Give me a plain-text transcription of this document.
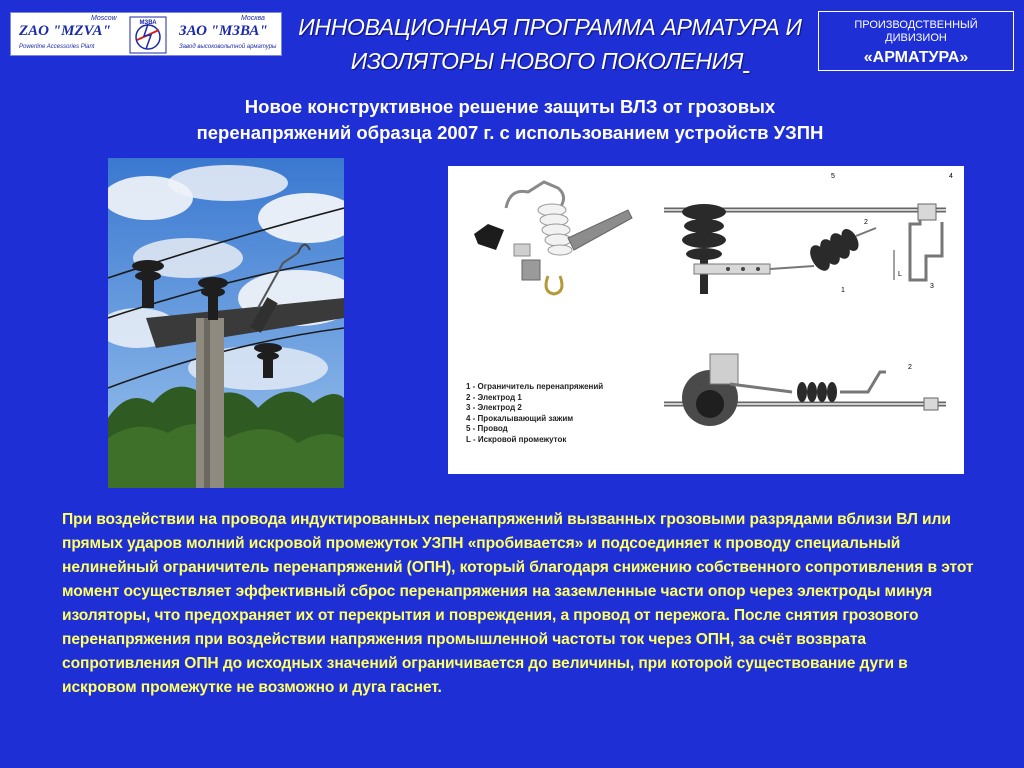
ZAO "MZVA"
Moscow
Powerline Accessories Plant
МЗВА ЗАО "МЗВА"
Москва
Завод высоковольтной арматуры
ИННОВАЦИОННАЯ ПРОГРАММА АРМАТУРА И
ИЗОЛЯТОРЫ НОВОГО ПОКОЛЕНИЯ
ПРОИЗВОДСТВЕННЫЙ
ДИВИЗИОН
«АРМАТУРА»
Новое конструктивное решение защиты ВЛЗ от грозовых
перенапряжений образца 2007 г. с использованием устройств УЗПН
5	4
2
1
3
L
2
1 - Ограничитель перенапряжений
2 - Электрод 1
3 - Электрод 2
4 - Прокалывающий зажим
5 - Провод
L - Искровой промежуток
При воздействии на провода индуктированных перенапряжений вызванных грозовыми разрядами вблизи ВЛ или прямых ударов молний искровой промежуток УЗПН «пробивается» и подсоединяет к проводу специальный нелинейный ограничитель перенапряжений (ОПН), который благодаря снижению собственного сопротивления в этот момент осуществляет эффективный сброс перенапряжения на заземленные части опор через электроды минуя изоляторы, что предохраняет их от перекрытия и повреждения, а провод от пережога. После снятия грозового перенапряжения при воздействии напряжения промышленной частоты ток через ОПН, за счёт возврата сопротивления ОПН до исходных значений ограничивается до величины, при которой существование дуги в искровом промежутке не возможно и дуга гаснет.
